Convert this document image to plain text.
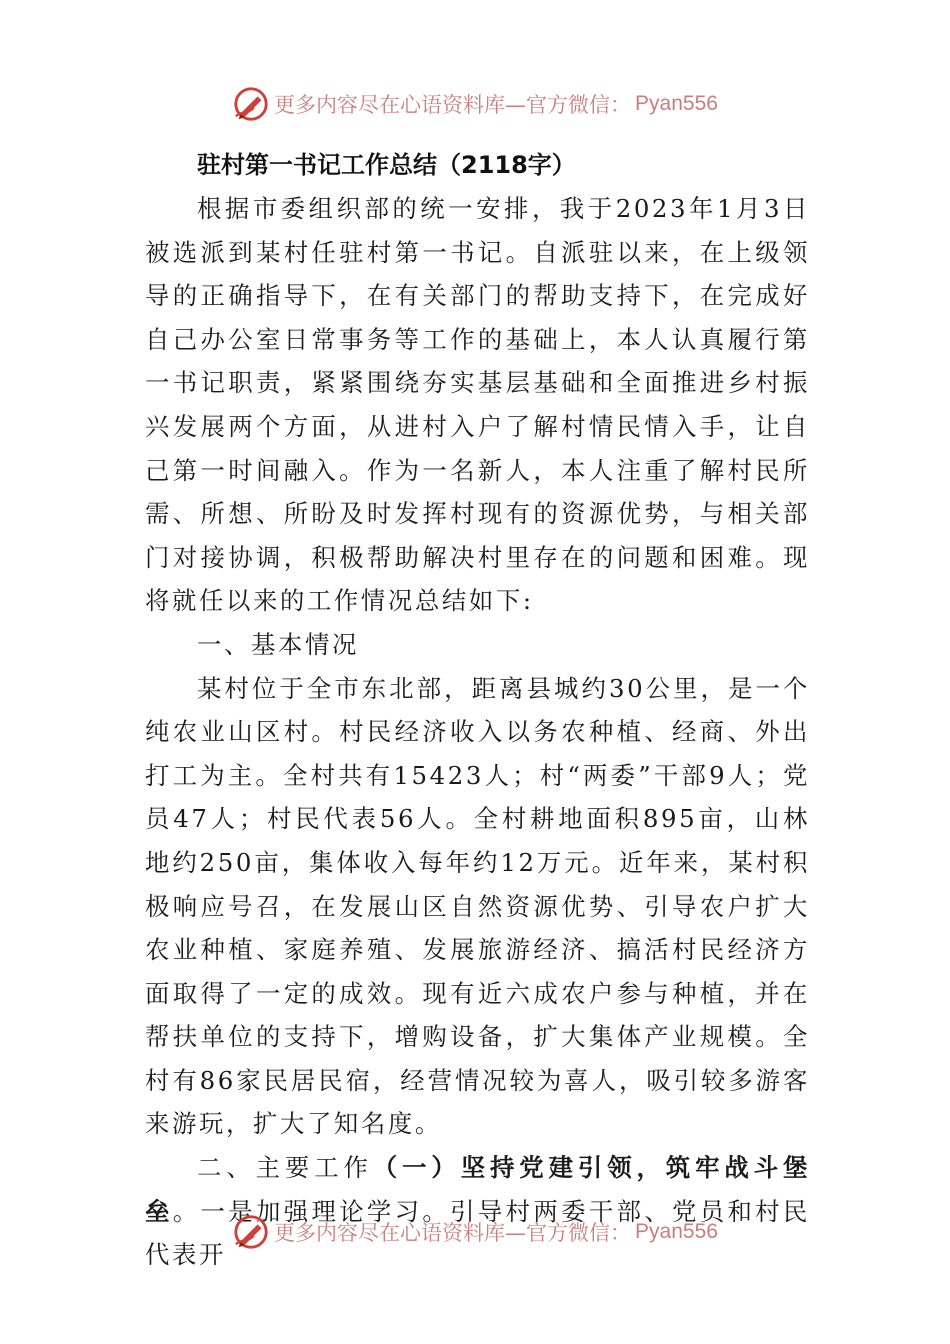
更多内容尽在心语资料库—官方微信： Pyan556
驻村第一书记工作总结（2118字）

根据市委组织部的统一安排，我于2023年1月3日被选派到某村任驻村第一书记。自派驻以来，在上级领导的正确指导下，在有关部门的帮助支持下，在完成好自己办公室日常事务等工作的基础上，本人认真履行第一书记职责，紧紧围绕夯实基层基础和全面推进乡村振兴发展两个方面，从进村入户了解村情民情入手，让自己第一时间融入。作为一名新人，本人注重了解村民所需、所想、所盼及时发挥村现有的资源优势，与相关部门对接协调，积极帮助解决村里存在的问题和困难。现将就任以来的工作情况总结如下:

一、基本情况

某村位于全市东北部，距离县城约30公里，是一个纯农业山区村。村民经济收入以务农种植、经商、外出打工为主。全村共有15423人；村“两委”干部9人；党员47人；村民代表56人。全村耕地面积895亩，山林地约250亩，集体收入每年约12万元。近年来，某村积极响应号召，在发展山区自然资源优势、引导农户扩大农业种植、家庭养殖、发展旅游经济、搞活村民经济方面取得了一定的成效。现有近六成农户参与种植，并在帮扶单位的支持下，增购设备，扩大集体产业规模。全村有86家民居民宿，经营情况较为喜人，吸引较多游客来游玩，扩大了知名度。

二、主要工作（一）坚持党建引领，筑牢战斗堡垒。一是加强理论学习。引导村两委干部、党员和村民代表开

更多内容尽在心语资料库—官方微信： Pyan556
